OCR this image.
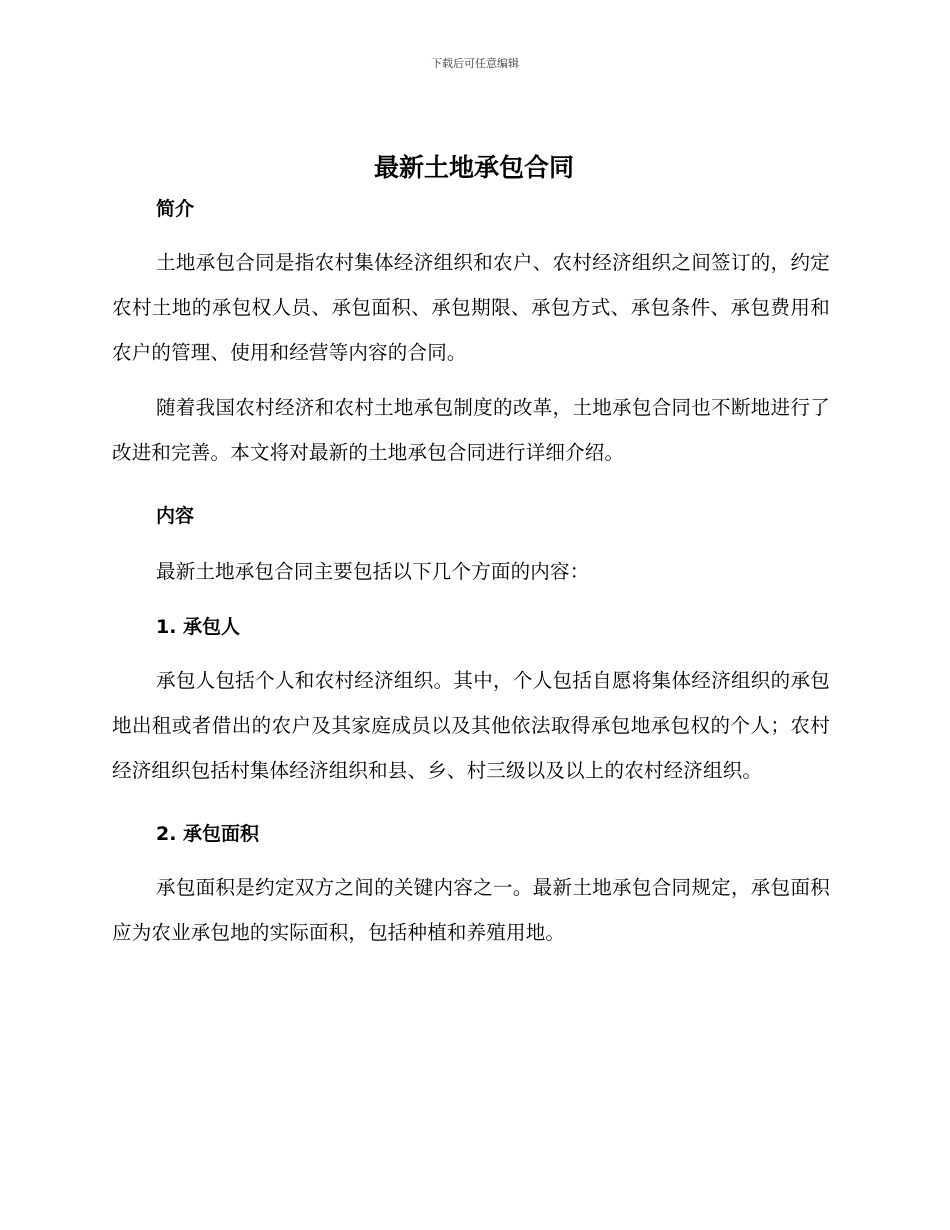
下载后可任意编辑
最新土地承包合同
简介
土地承包合同是指农村集体经济组织和农户、农村经济组织之间签订的，约定农村土地的承包权人员、承包面积、承包期限、承包方式、承包条件、承包费用和农户的管理、使用和经营等内容的合同。
随着我国农村经济和农村土地承包制度的改革，土地承包合同也不断地进行了改进和完善。本文将对最新的土地承包合同进行详细介绍。
内容
最新土地承包合同主要包括以下几个方面的内容：
1. 承包人
承包人包括个人和农村经济组织。其中，个人包括自愿将集体经济组织的承包地出租或者借出的农户及其家庭成员以及其他依法取得承包地承包权的个人；农村经济组织包括村集体经济组织和县、乡、村三级以及以上的农村经济组织。
2. 承包面积
承包面积是约定双方之间的关键内容之一。最新土地承包合同规定，承包面积应为农业承包地的实际面积，包括种植和养殖用地。
